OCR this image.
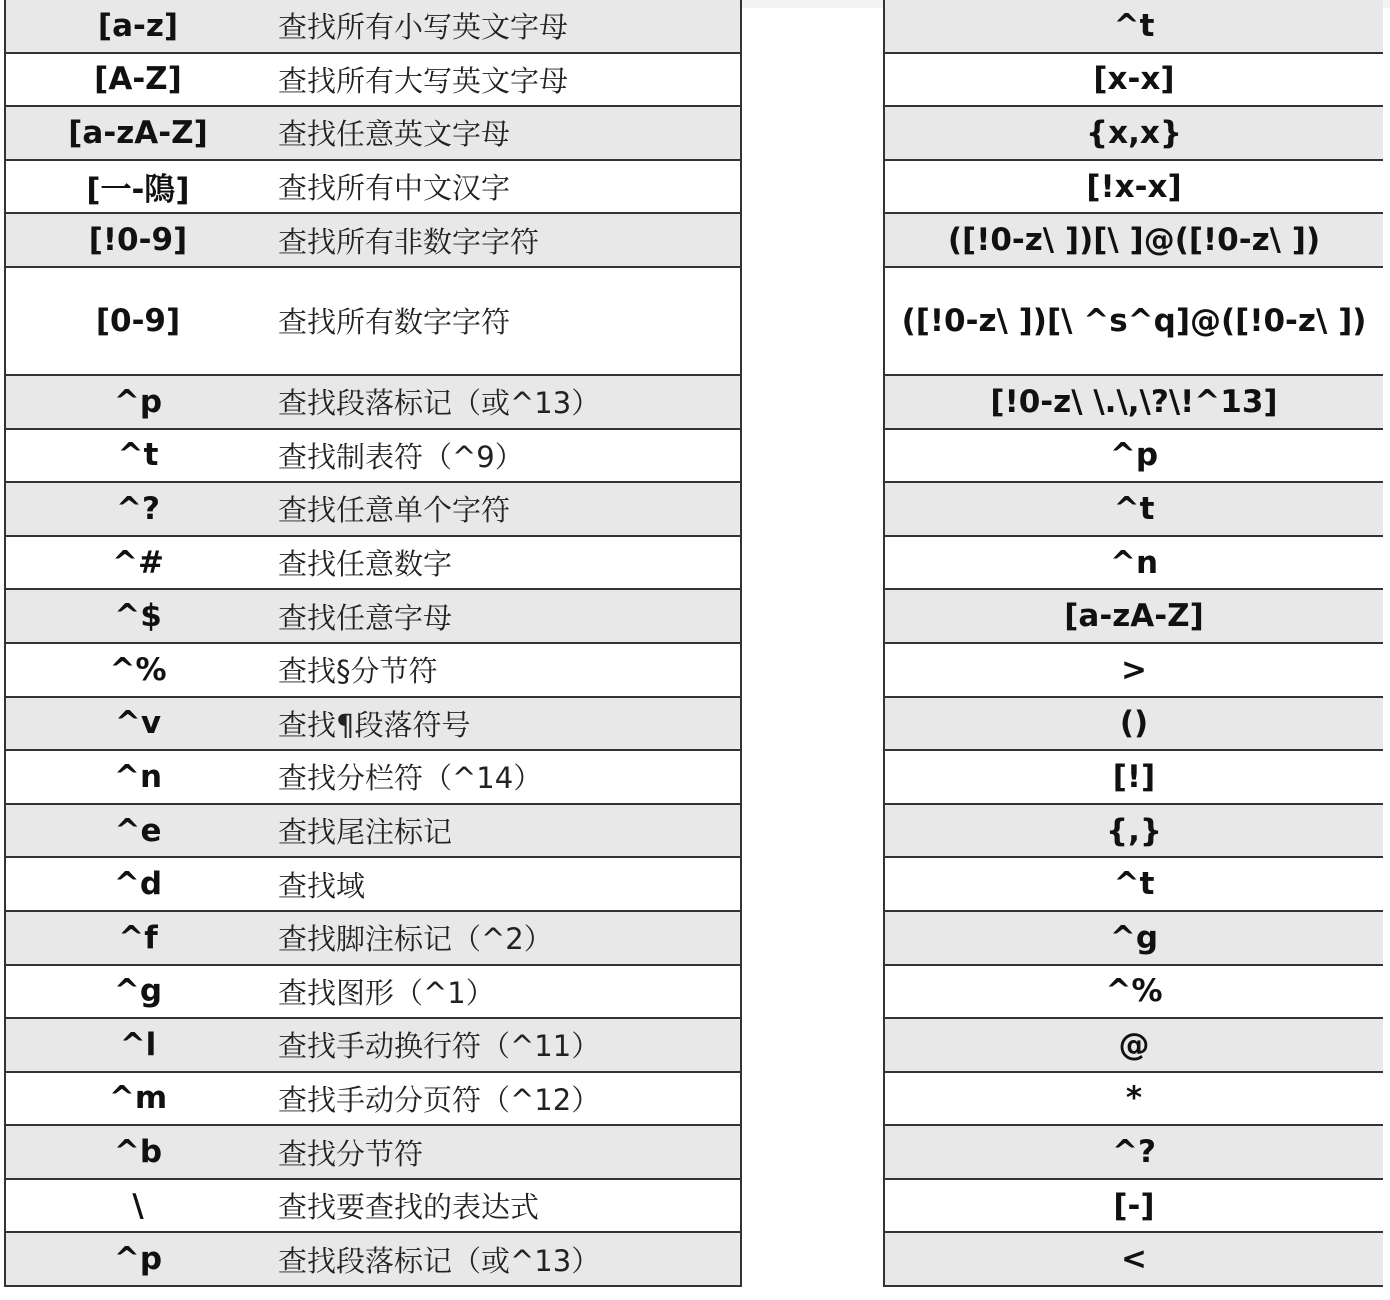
[a-z]	查找所有小写英文字母
[A-Z]	查找所有大写英文字母
[a-zA-Z]	查找任意英文字母
[一-隝]	查找所有中文汉字
[!0-9]	查找所有非数字字符
[0-9]	查找所有数字字符
^p	查找段落标记（或^13）
^t	查找制表符（^9）
^?	查找任意单个字符
^#	查找任意数字
^$	查找任意字母
^%	查找§分节符
^v	查找¶段落符号
^n	查找分栏符（^14）
^e	查找尾注标记
^d	查找域
^f	查找脚注标记（^2）
^g	查找图形（^1）
^l	查找手动换行符（^11）
^m	查找手动分页符（^12）
^b	查找分节符
\	查找要查找的表达式
^p	查找段落标记（或^13）
^t
[x-x]
{x,x}
[!x-x]
([!0-z\ ])[\ ]@([!0-z\ ])
([!0-z\ ])[\ ^s^q]@([!0-z\ ])
[!0-z\ \.\,\?\!^13]
^p
^t
^n
[a-zA-Z]
>
()
[!]
{,}
^t
^g
^%
@
*
^?
[-]
<
